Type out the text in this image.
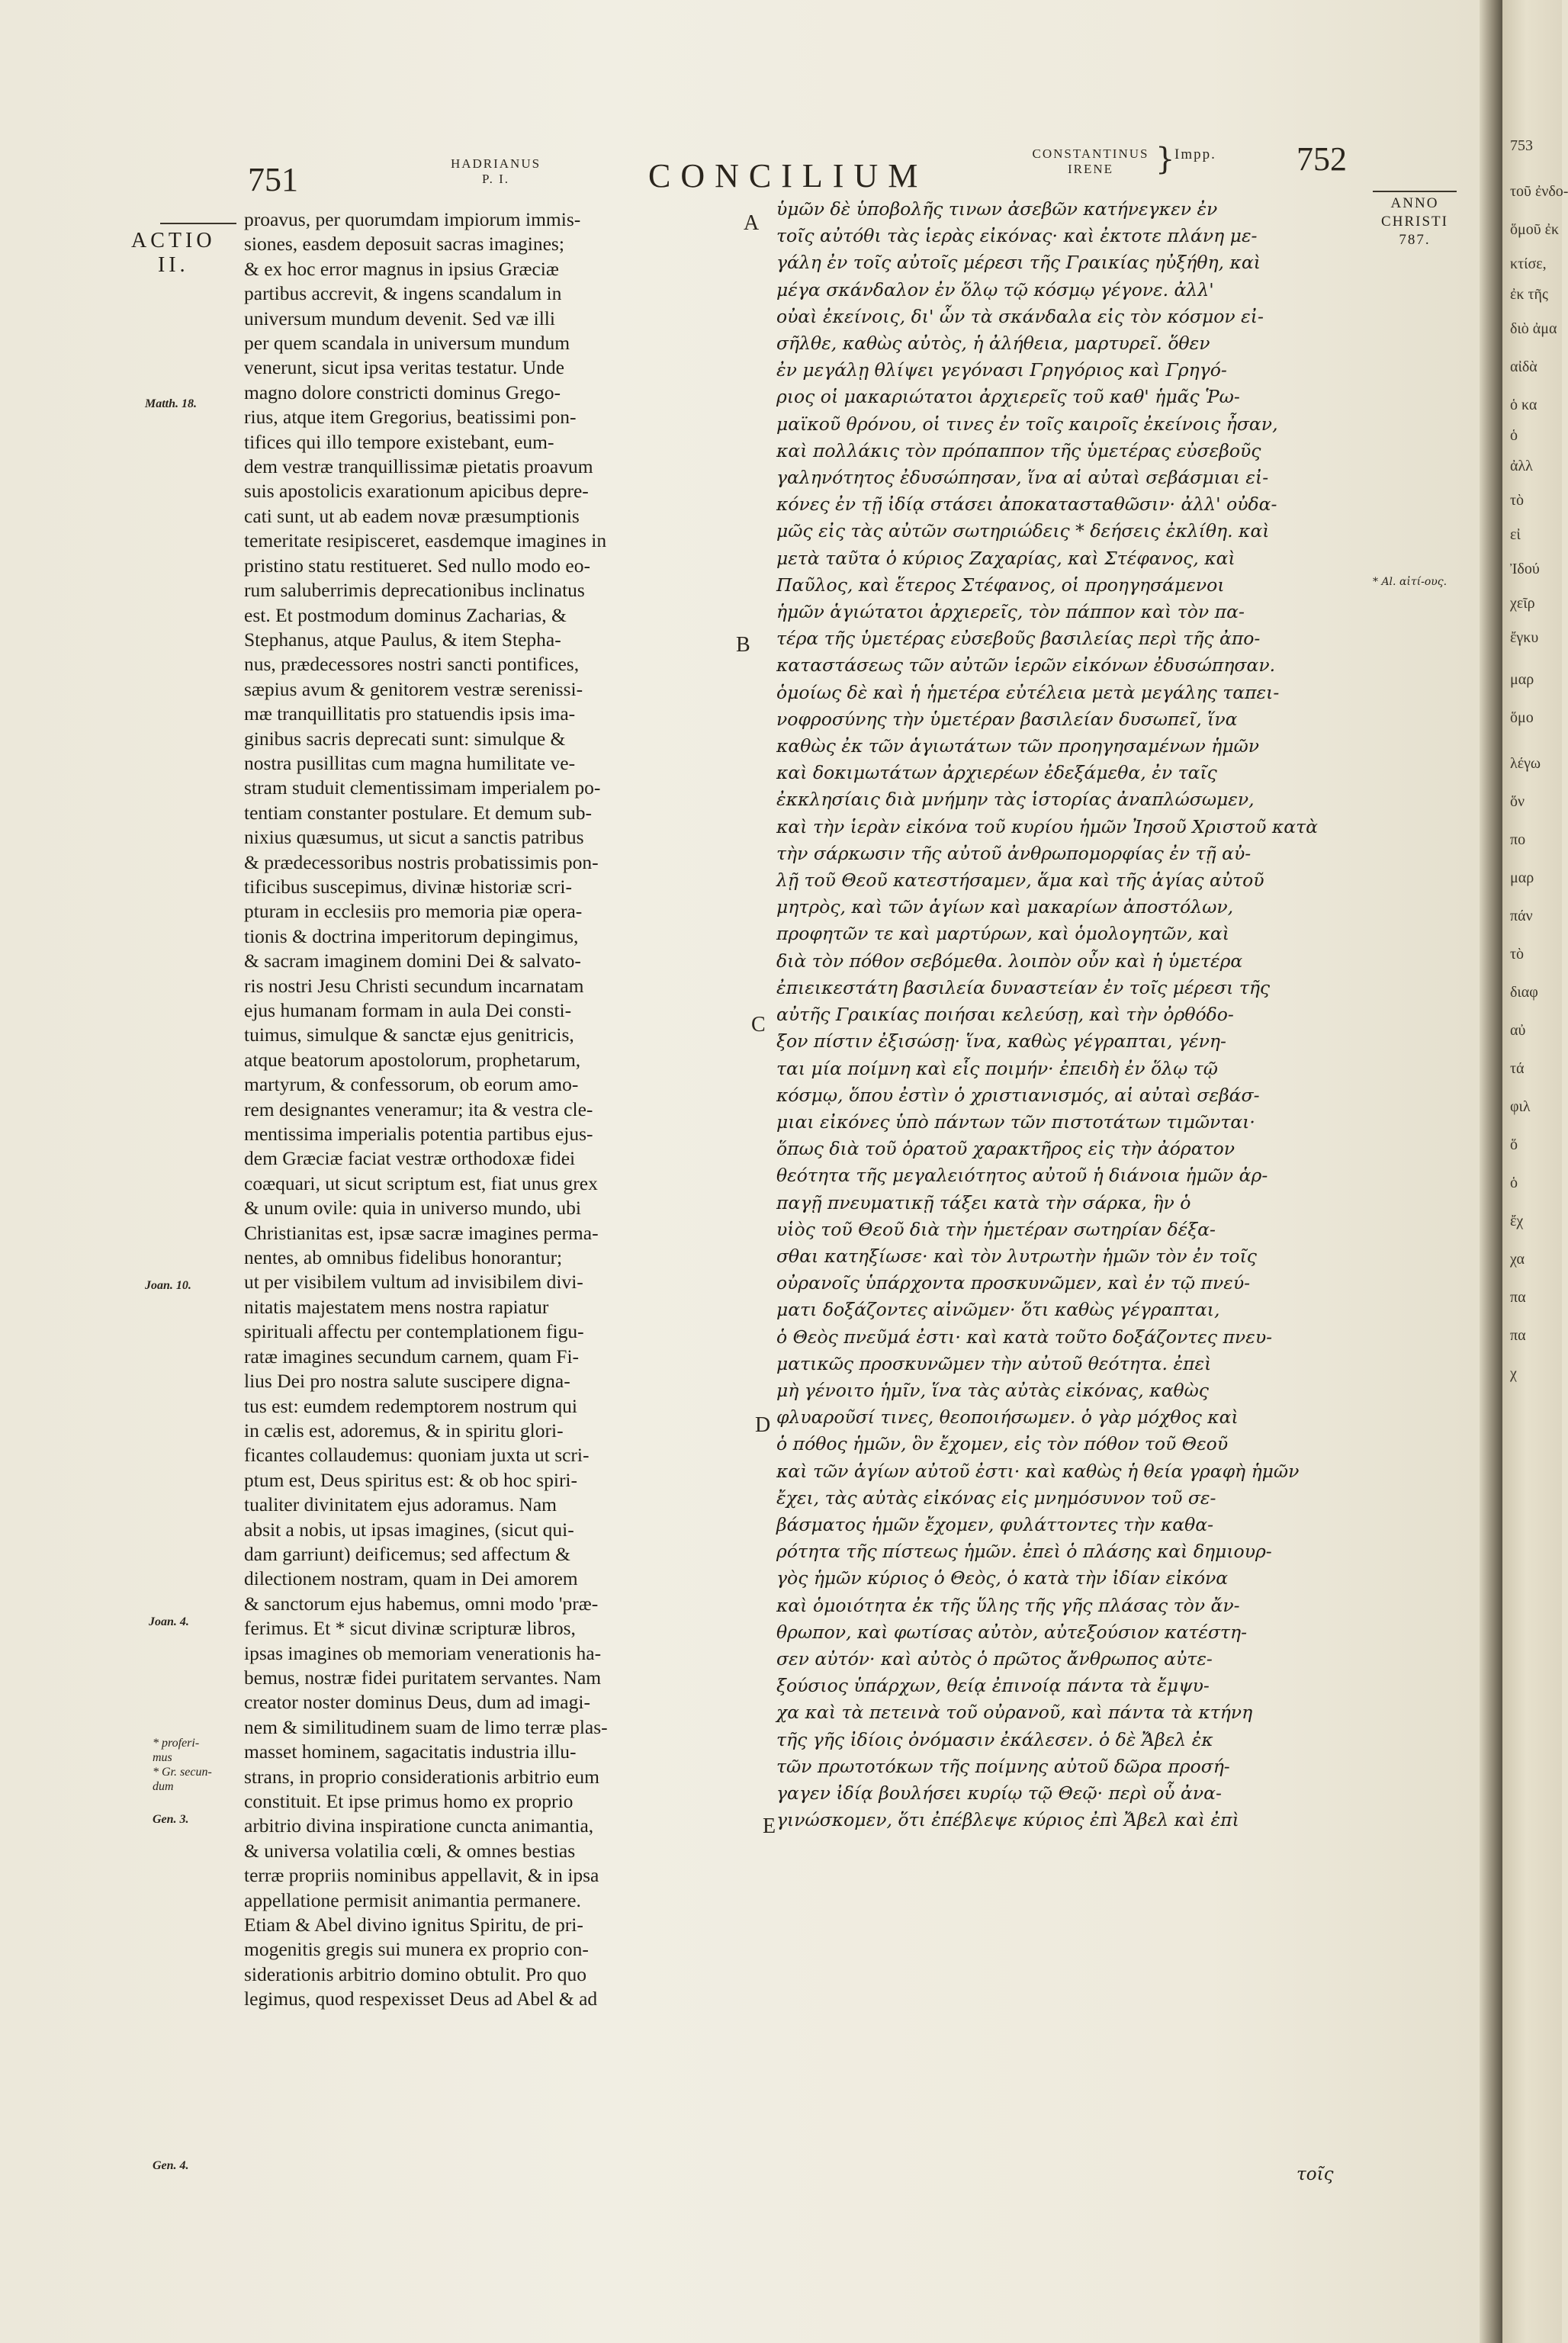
751	HADRIANUS
P. I.	CONCILIUM
CONSTANTINUS
IRENE	} Impp. 752
ACTIO
II.
Matth. 18.
Joan. 10.
Joan. 4.
* proferi-
mus
* Gr. secun-
dum
Gen. 3.
Gen. 4.
A
B
C
D
E
proavus, per quorumdam impiorum immis-
siones, easdem deposuit sacras imagines;
& ex hoc error magnus in ipsius Græciæ
partibus accrevit, & ingens scandalum in
universum mundum devenit. Sed væ illi
per quem scandala in universum mundum
venerunt, sicut ipsa veritas testatur. Unde
magno dolore constricti dominus Grego-
rius, atque item Gregorius, beatissimi pon-
tifices qui illo tempore existebant, eum-
dem vestræ tranquillissimæ pietatis proavum
suis apostolicis exarationum apicibus depre-
cati sunt, ut ab eadem novæ præsumptionis
temeritate resipisceret, easdemque imagines in
pristino statu restitueret. Sed nullo modo eo-
rum saluberrimis deprecationibus inclinatus
est. Et postmodum dominus Zacharias, &
Stephanus, atque Paulus, & item Stepha-
nus, prædecessores nostri sancti pontifices,
sæpius avum & genitorem vestræ serenissi-
mæ tranquillitatis pro statuendis ipsis ima-
ginibus sacris deprecati sunt: simulque &
nostra pusillitas cum magna humilitate ve-
stram studuit clementissimam imperialem po-
tentiam constanter postulare. Et demum sub-
nixius quæsumus, ut sicut a sanctis patribus
& prædecessoribus nostris probatissimis pon-
tificibus suscepimus, divinæ historiæ scri-
pturam in ecclesiis pro memoria piæ opera-
tionis & doctrina imperitorum depingimus,
& sacram imaginem domini Dei & salvato-
ris nostri Jesu Christi secundum incarnatam
ejus humanam formam in aula Dei consti-
tuimus, simulque & sanctæ ejus genitricis,
atque beatorum apostolorum, prophetarum,
martyrum, & confessorum, ob eorum amo-
rem designantes veneramur; ita & vestra cle-
mentissima imperialis potentia partibus ejus-
dem Græciæ faciat vestræ orthodoxæ fidei
coæquari, ut sicut scriptum est, fiat unus grex
& unum ovile: quia in universo mundo, ubi
Christianitas est, ipsæ sacræ imagines perma-
nentes, ab omnibus fidelibus honorantur;
ut per visibilem vultum ad invisibilem divi-
nitatis majestatem mens nostra rapiatur
spirituali affectu per contemplationem figu-
ratæ imagines secundum carnem, quam Fi-
lius Dei pro nostra salute suscipere digna-
tus est: eumdem redemptorem nostrum qui
in cælis est, adoremus, & in spiritu glori-
ficantes collaudemus: quoniam juxta ut scri-
ptum est, Deus spiritus est: & ob hoc spiri-
tualiter divinitatem ejus adoramus. Nam
absit a nobis, ut ipsas imagines, (sicut qui-
dam garriunt) deificemus; sed affectum &
dilectionem nostram, quam in Dei amorem
& sanctorum ejus habemus, omni modo 'præ-
ferimus. Et * sicut divinæ scripturæ libros,
ipsas imagines ob memoriam venerationis ha-
bemus, nostræ fidei puritatem servantes. Nam
creator noster dominus Deus, dum ad imagi-
nem & similitudinem suam de limo terræ plas-
masset hominem, sagacitatis industria illu-
strans, in proprio considerationis arbitrio eum
constituit. Et ipse primus homo ex proprio
arbitrio divina inspiratione cuncta animantia,
& universa volatilia cœli, & omnes bestias
terræ propriis nominibus appellavit, & in ipsa
appellatione permisit animantia permanere.
Etiam & Abel divino ignitus Spiritu, de pri-
mogenitis gregis sui munera ex proprio con-
siderationis arbitrio domino obtulit. Pro quo
legimus, quod respexisset Deus ad Abel & ad
ὑμῶν δὲ ὑποβολῆς τινων ἀσεβῶν κατήνεγκεν ἐν
τοῖς αὐτόθι τὰς ἱερὰς εἰκόνας· καὶ ἐκτοτε πλάνη με-
γάλη ἐν τοῖς αὐτοῖς μέρεσι τῆς Γραικίας ηὐξήθη, καὶ
μέγα σκάνδαλον ἐν ὅλῳ τῷ κόσμῳ γέγονε. ἀλλ'
οὐαὶ ἐκείνοις, δι' ὧν τὰ σκάνδαλα εἰς τὸν κόσμον εἰ-
σῆλθε, καθὼς αὐτὸς, ἡ ἀλήθεια, μαρτυρεῖ. ὅθεν
ἐν μεγάλῃ θλίψει γεγόνασι Γρηγόριος καὶ Γρηγό-
ριος οἱ μακαριώτατοι ἀρχιερεῖς τοῦ καθ' ἡμᾶς Ῥω-
μαϊκοῦ θρόνου, οἱ τινες ἐν τοῖς καιροῖς ἐκείνοις ἦσαν,
καὶ πολλάκις τὸν πρόπαππον τῆς ὑμετέρας εὐσεβοῦς
γαληνότητος ἐδυσώπησαν, ἵνα αἱ αὐταὶ σεβάσμιαι εἰ-
κόνες ἐν τῇ ἰδίᾳ στάσει ἀποκατασταθῶσιν· ἀλλ' οὐδα-
μῶς εἰς τὰς αὐτῶν σωτηριώδεις * δεήσεις ἐκλίθη. καὶ
μετὰ ταῦτα ὁ κύριος Ζαχαρίας, καὶ Στέφανος, καὶ
Παῦλος, καὶ ἕτερος Στέφανος, οἱ προηγησάμενοι
ἡμῶν ἁγιώτατοι ἀρχιερεῖς, τὸν πάππον καὶ τὸν πα-
τέρα τῆς ὑμετέρας εὐσεβοῦς βασιλείας περὶ τῆς ἀπο-
καταστάσεως τῶν αὐτῶν ἱερῶν εἰκόνων ἐδυσώπησαν.
ὁμοίως δὲ καὶ ἡ ἡμετέρα εὐτέλεια μετὰ μεγάλης ταπει-
νοφροσύνης τὴν ὑμετέραν βασιλείαν δυσωπεῖ, ἵνα
καθὼς ἐκ τῶν ἁγιωτάτων τῶν προηγησαμένων ἡμῶν
καὶ δοκιμωτάτων ἀρχιερέων ἐδεξάμεθα, ἐν ταῖς
ἐκκλησίαις διὰ μνήμην τὰς ἱστορίας ἀναπλώσωμεν,
καὶ τὴν ἱερὰν εἰκόνα τοῦ κυρίου ἡμῶν Ἰησοῦ Χριστοῦ κατὰ
τὴν σάρκωσιν τῆς αὐτοῦ ἀνθρωπομορφίας ἐν τῇ αὐ-
λῇ τοῦ Θεοῦ κατεστήσαμεν, ἅμα καὶ τῆς ἁγίας αὐτοῦ
μητρὸς, καὶ τῶν ἁγίων καὶ μακαρίων ἀποστόλων,
προφητῶν τε καὶ μαρτύρων, καὶ ὁμολογητῶν, καὶ
διὰ τὸν πόθον σεβόμεθα. λοιπὸν οὖν καὶ ἡ ὑμετέρα
ἐπιεικεστάτη βασιλεία δυναστείαν ἐν τοῖς μέρεσι τῆς
αὐτῆς Γραικίας ποιήσαι κελεύσῃ, καὶ τὴν ὀρθόδο-
ξον πίστιν ἐξισώσῃ· ἵνα, καθὼς γέγραπται, γένη-
ται μία ποίμνη καὶ εἷς ποιμήν· ἐπειδὴ ἐν ὅλῳ τῷ
κόσμῳ, ὅπου ἐστὶν ὁ χριστιανισμός, αἱ αὐταὶ σεβάσ-
μιαι εἰκόνες ὑπὸ πάντων τῶν πιστοτάτων τιμῶνται·
ὅπως διὰ τοῦ ὁρατοῦ χαρακτῆρος εἰς τὴν ἀόρατον
θεότητα τῆς μεγαλειότητος αὐτοῦ ἡ διάνοια ἡμῶν ἁρ-
παγῇ πνευματικῇ τάξει κατὰ τὴν σάρκα, ἣν ὁ
υἱὸς τοῦ Θεοῦ διὰ τὴν ἡμετέραν σωτηρίαν δέξα-
σθαι κατηξίωσε· καὶ τὸν λυτρωτὴν ἡμῶν τὸν ἐν τοῖς
οὐρανοῖς ὑπάρχοντα προσκυνῶμεν, καὶ ἐν τῷ πνεύ-
ματι δοξάζοντες αἰνῶμεν· ὅτι καθὼς γέγραπται,
ὁ Θεὸς πνεῦμά ἐστι· καὶ κατὰ τοῦτο δοξάζοντες πνευ-
ματικῶς προσκυνῶμεν τὴν αὐτοῦ θεότητα. ἐπεὶ
μὴ γένοιτο ἡμῖν, ἵνα τὰς αὐτὰς εἰκόνας, καθὼς
φλυαροῦσί τινες, θεοποιήσωμεν. ὁ γὰρ μόχθος καὶ
ὁ πόθος ἡμῶν, ὃν ἔχομεν, εἰς τὸν πόθον τοῦ Θεοῦ
καὶ τῶν ἁγίων αὐτοῦ ἐστι· καὶ καθὼς ἡ θεία γραφὴ ἡμῶν
ἔχει, τὰς αὐτὰς εἰκόνας εἰς μνημόσυνον τοῦ σε-
βάσματος ἡμῶν ἔχομεν, φυλάττοντες τὴν καθα-
ρότητα τῆς πίστεως ἡμῶν. ἐπεὶ ὁ πλάσης καὶ δημιουρ-
γὸς ἡμῶν κύριος ὁ Θεὸς, ὁ κατὰ τὴν ἰδίαν εἰκόνα
καὶ ὁμοιότητα ἐκ τῆς ὕλης τῆς γῆς πλάσας τὸν ἄν-
θρωπον, καὶ φωτίσας αὐτὸν, αὐτεξούσιον κατέστη-
σεν αὐτόν· καὶ αὐτὸς ὁ πρῶτος ἄνθρωπος αὐτε-
ξούσιος ὑπάρχων, θείᾳ ἐπινοίᾳ πάντα τὰ ἔμψυ-
χα καὶ τὰ πετεινὰ τοῦ οὐρανοῦ, καὶ πάντα τὰ κτήνη
τῆς γῆς ἰδίοις ὀνόμασιν ἐκάλεσεν. ὁ δὲ Ἄβελ ἐκ
τῶν πρωτοτόκων τῆς ποίμνης αὐτοῦ δῶρα προσή-
γαγεν ἰδίᾳ βουλήσει κυρίῳ τῷ Θεῷ· περὶ οὗ ἀνα-
γινώσκομεν, ὅτι ἐπέβλεψε κύριος ἐπὶ Ἄβελ καὶ ἐπὶ
ANNO
CHRISTI
787.
* Al. αἰτί-ους.
τοῖς
753
τοῦ ἐνδο-
ὅμοῦ ἐκ
κτίσε,
ἐκ τῆς
διὸ ἀμα
αἰδὰ
ὁ κα
ὁ
ἀλλ
τὸ
εἰ
Ἰδού
χεῖρ
ἔγκυ
μαρ
ὅμο
λέγω
ὅν
πο
μαρ
πάν
τὸ
διαφ
αὐ
τά
φιλ
ὅ
ὁ
ἔχ
χα
πα
πα
χ
